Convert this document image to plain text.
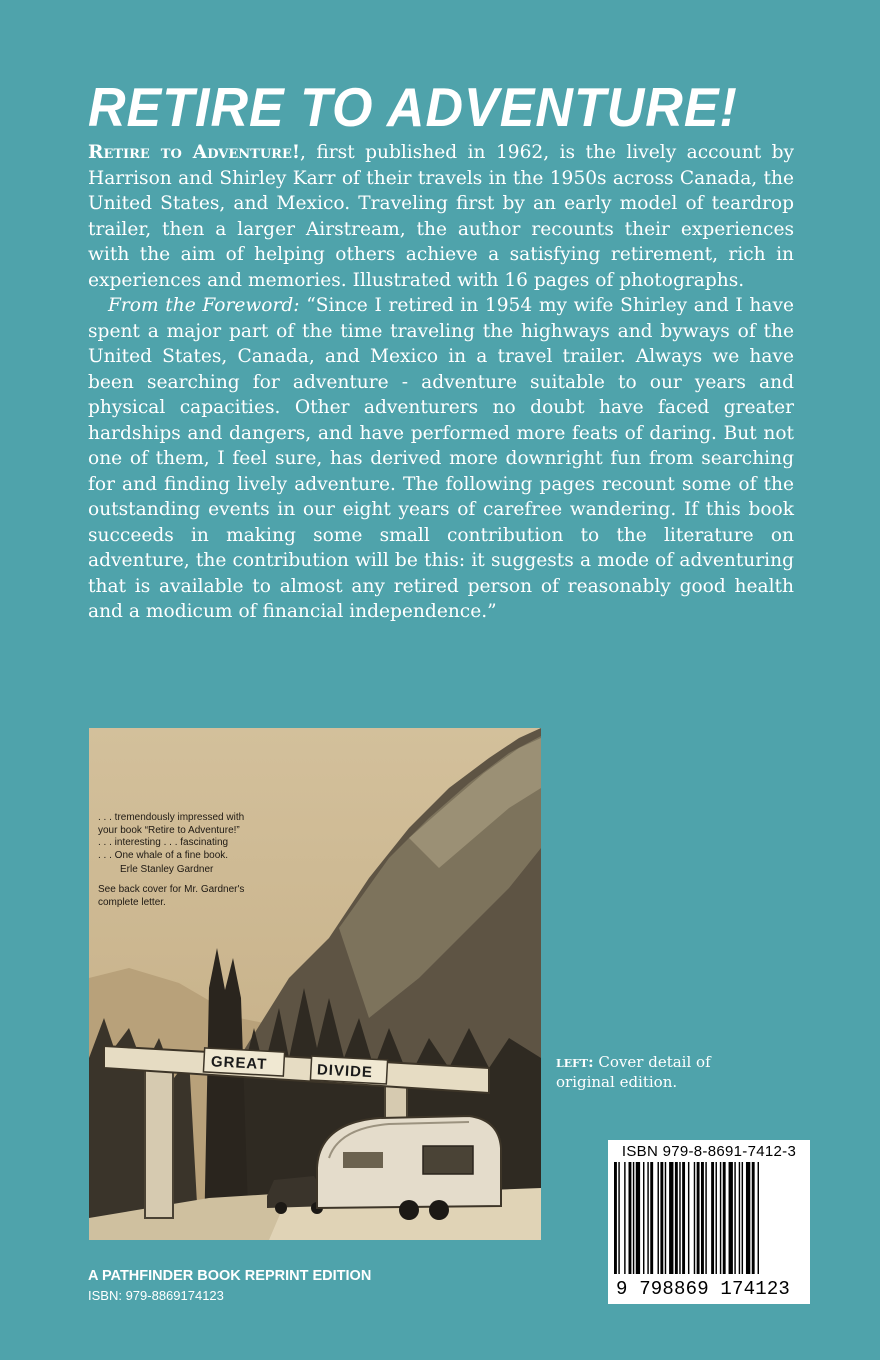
RETIRE TO ADVENTURE!

Retire to Adventure!, first published in 1962, is the lively account by Harrison and Shirley Karr of their travels in the 1950s across Canada, the United States, and Mexico. Traveling first by an early model of teardrop trailer, then a larger Airstream, the author recounts their experiences with the aim of helping others achieve a satisfying retirement, rich in experiences and memories. Illustrated with 16 pages of photographs.

From the Foreword: “Since I retired in 1954 my wife Shirley and I have spent a major part of the time traveling the highways and byways of the United States, Canada, and Mexico in a travel trailer. Always we have been searching for adventure - adventure suitable to our years and physical capacities. Other adventurers no doubt have faced greater hardships and dangers, and have performed more feats of daring. But not one of them, I feel sure, has derived more downright fun from searching for and finding lively adventure. The following pages recount some of the outstanding events in our eight years of carefree wandering. If this book succeeds in making some small contribution to the literature on adventure, the contribution will be this: it suggests a mode of adventuring that is available to almost any retired person of reasonably good health and a modicum of financial independence.”

GREAT	DIVIDE
. . . tremendously impressed with
your book “Retire to Adventure!”
. . . interesting . . . fascinating
. . . One whale of a fine book.
Erle Stanley Gardner
See back cover for Mr. Gardner's complete letter.
left: Cover detail of original edition.
ISBN 979-8-8691-7412-3
9 798869 174123
A PATHFINDER BOOK REPRINT EDITION
ISBN: 979-8869174123
